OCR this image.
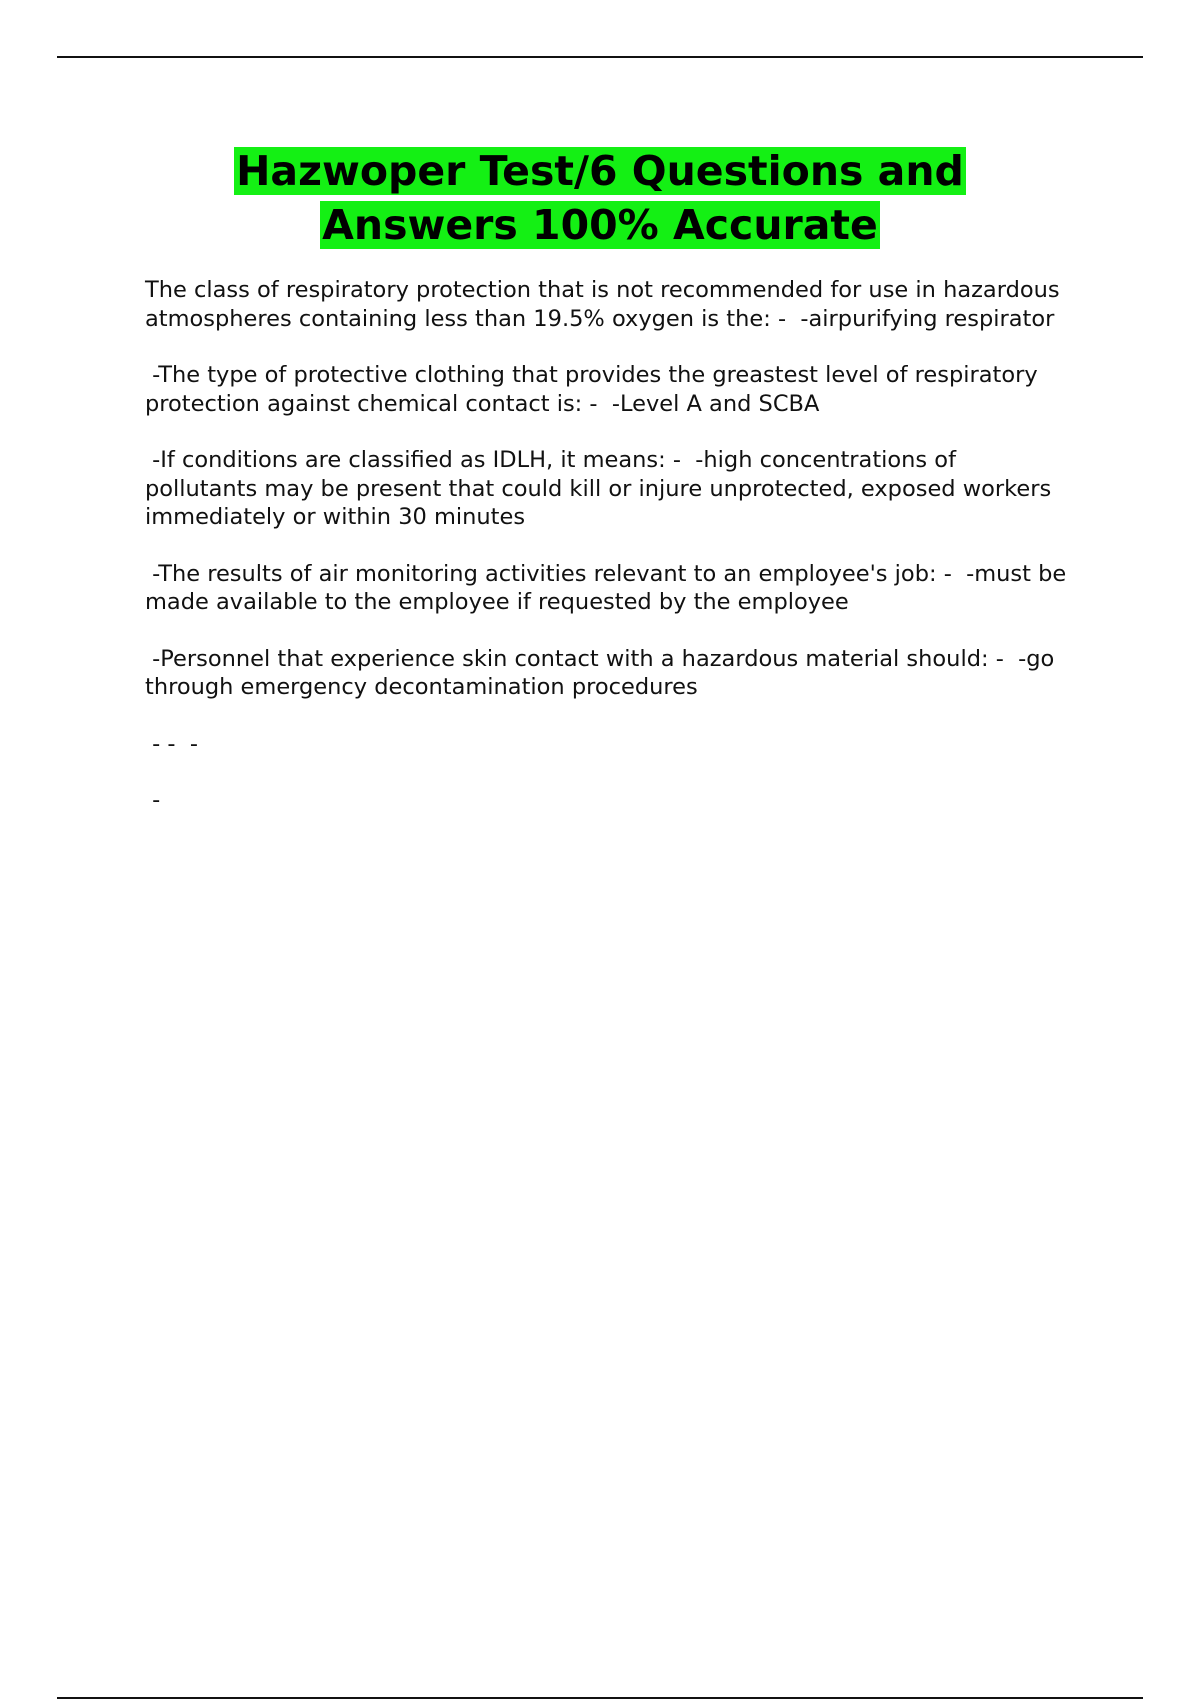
Hazwoper Test/6 Questions and
Answers 100% Accurate

The class of respiratory protection that is not recommended for use in hazardous atmospheres containing less than 19.5% oxygen is the: -  -airpurifying respirator

-The type of protective clothing that provides the greastest level of respiratory protection against chemical contact is: -  -Level A and SCBA

-If conditions are classified as IDLH, it means: -  -high concentrations of pollutants may be present that could kill or injure unprotected, exposed workers immediately or within 30 minutes

-The results of air monitoring activities relevant to an employee's job: -  -must be made available to the employee if requested by the employee

-Personnel that experience skin contact with a hazardous material should: -  -go through emergency decontamination procedures

- -  -

-
